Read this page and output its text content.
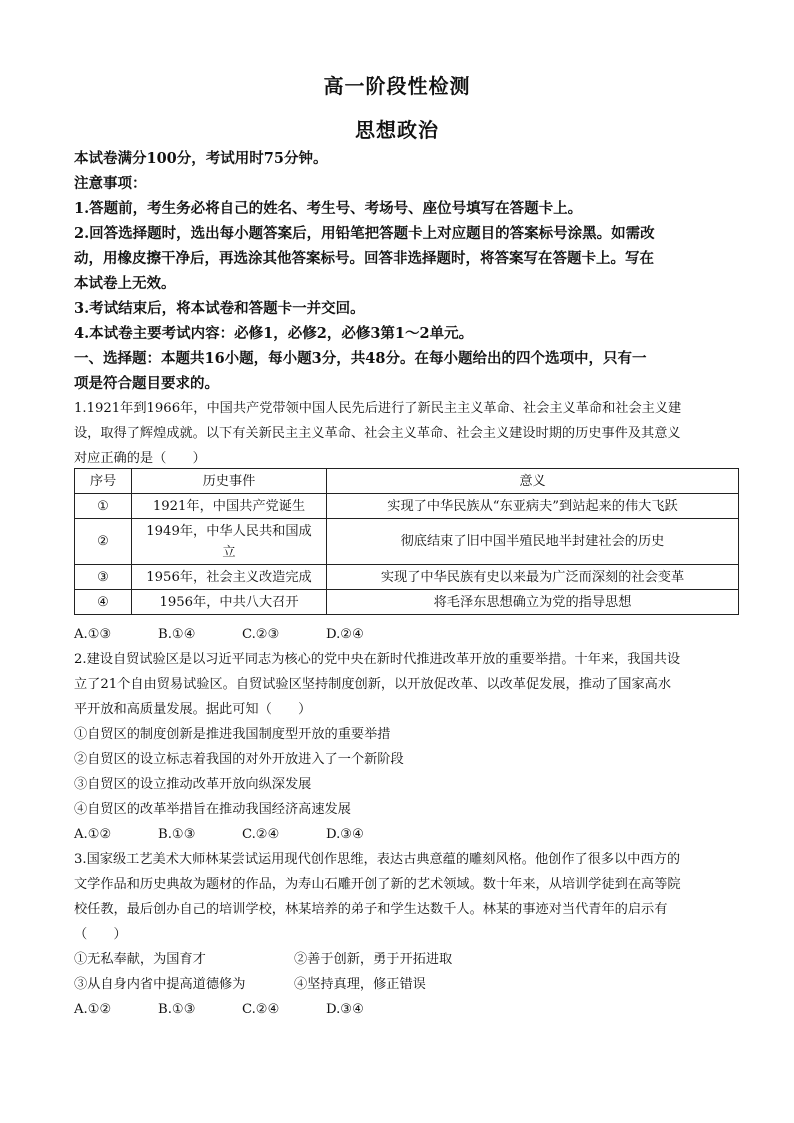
高一阶段性检测
思想政治
本试卷满分100分，考试用时75分钟。
注意事项：
1.答题前，考生务必将自己的姓名、考生号、考场号、座位号填写在答题卡上。
2.回答选择题时，选出每小题答案后，用铅笔把答题卡上对应题目的答案标号涂黑。如需改
动，用橡皮擦干净后，再选涂其他答案标号。回答非选择题时，将答案写在答题卡上。写在
本试卷上无效。
3.考试结束后，将本试卷和答题卡一并交回。
4.本试卷主要考试内容：必修1，必修2，必修3第1～2单元。
一、选择题：本题共16小题，每小题3分，共48分。在每小题给出的四个选项中，只有一
项是符合题目要求的。
1.1921年到1966年，中国共产党带领中国人民先后进行了新民主主义革命、社会主义革命和社会主义建
设，取得了辉煌成就。以下有关新民主主义革命、社会主义革命、社会主义建设时期的历史事件及其意义
对应正确的是（　　）
序号	历史事件	意义
①	1921年，中国共产党诞生	实现了中华民族从“东亚病夫”到站起来的伟大飞跃
②	1949年，中华人民共和国成立	彻底结束了旧中国半殖民地半封建社会的历史
③	1956年，社会主义改造完成	实现了中华民族有史以来最为广泛而深刻的社会变革
④	1956年，中共八大召开	将毛泽东思想确立为党的指导思想
A.①③	B.①④	C.②③	D.②④
2.建设自贸试验区是以习近平同志为核心的党中央在新时代推进改革开放的重要举措。十年来，我国共设
立了21个自由贸易试验区。自贸试验区坚持制度创新，以开放促改革、以改革促发展，推动了国家高水
平开放和高质量发展。据此可知（　　）
①自贸区的制度创新是推进我国制度型开放的重要举措
②自贸区的设立标志着我国的对外开放进入了一个新阶段
③自贸区的设立推动改革开放向纵深发展
④自贸区的改革举措旨在推动我国经济高速发展
A.①②	B.①③	C.②④	D.③④
3.国家级工艺美术大师林某尝试运用现代创作思维，表达古典意蕴的雕刻风格。他创作了很多以中西方的
文学作品和历史典故为题材的作品，为寿山石雕开创了新的艺术领域。数十年来，从培训学徒到在高等院
校任教，最后创办自己的培训学校，林某培养的弟子和学生达数千人。林某的事迹对当代青年的启示有
（　　）
①无私奉献，为国育才	②善于创新，勇于开拓进取
③从自身内省中提高道德修为	④坚持真理，修正错误
A.①②	B.①③	C.②④	D.③④
